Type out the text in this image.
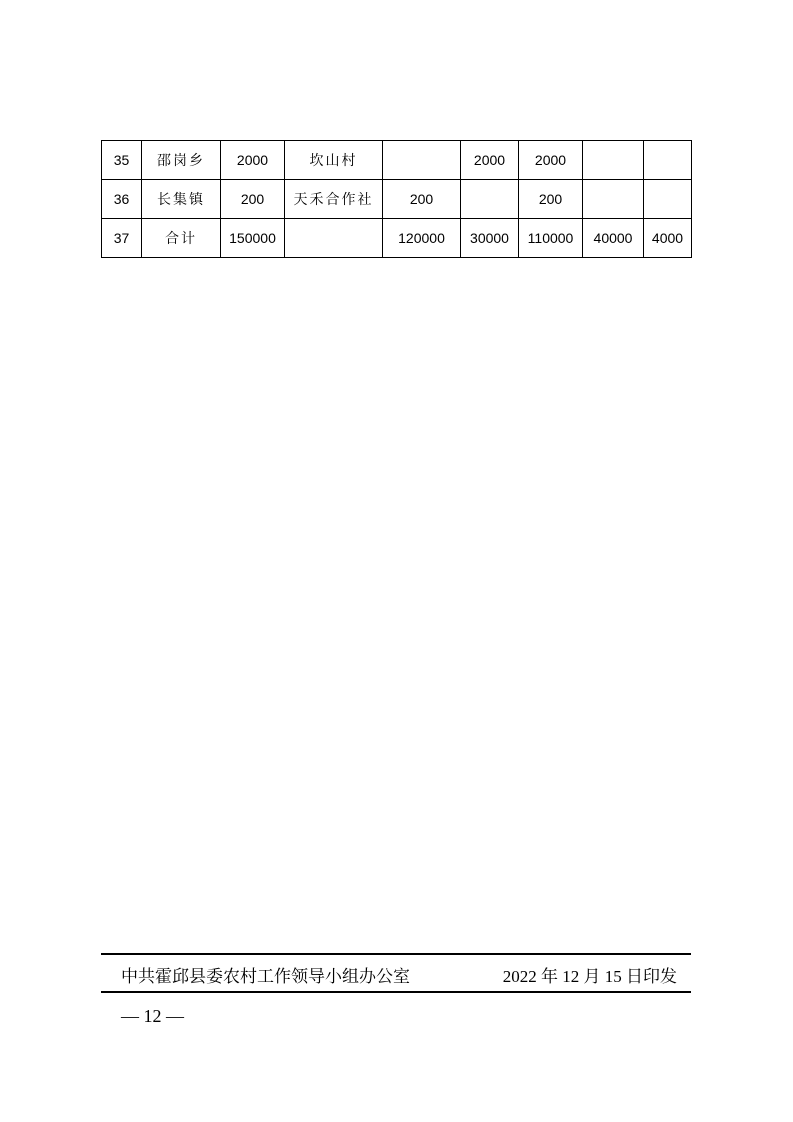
35	邵岗乡	2000	坎山村		2000	2000		
36	长集镇	200	天禾合作社	200		200		
37	合计	150000		120000	30000	110000	40000	4000
中共霍邱县委农村工作领导小组办公室	2022 年 12 月 15 日印发
— 12 —
